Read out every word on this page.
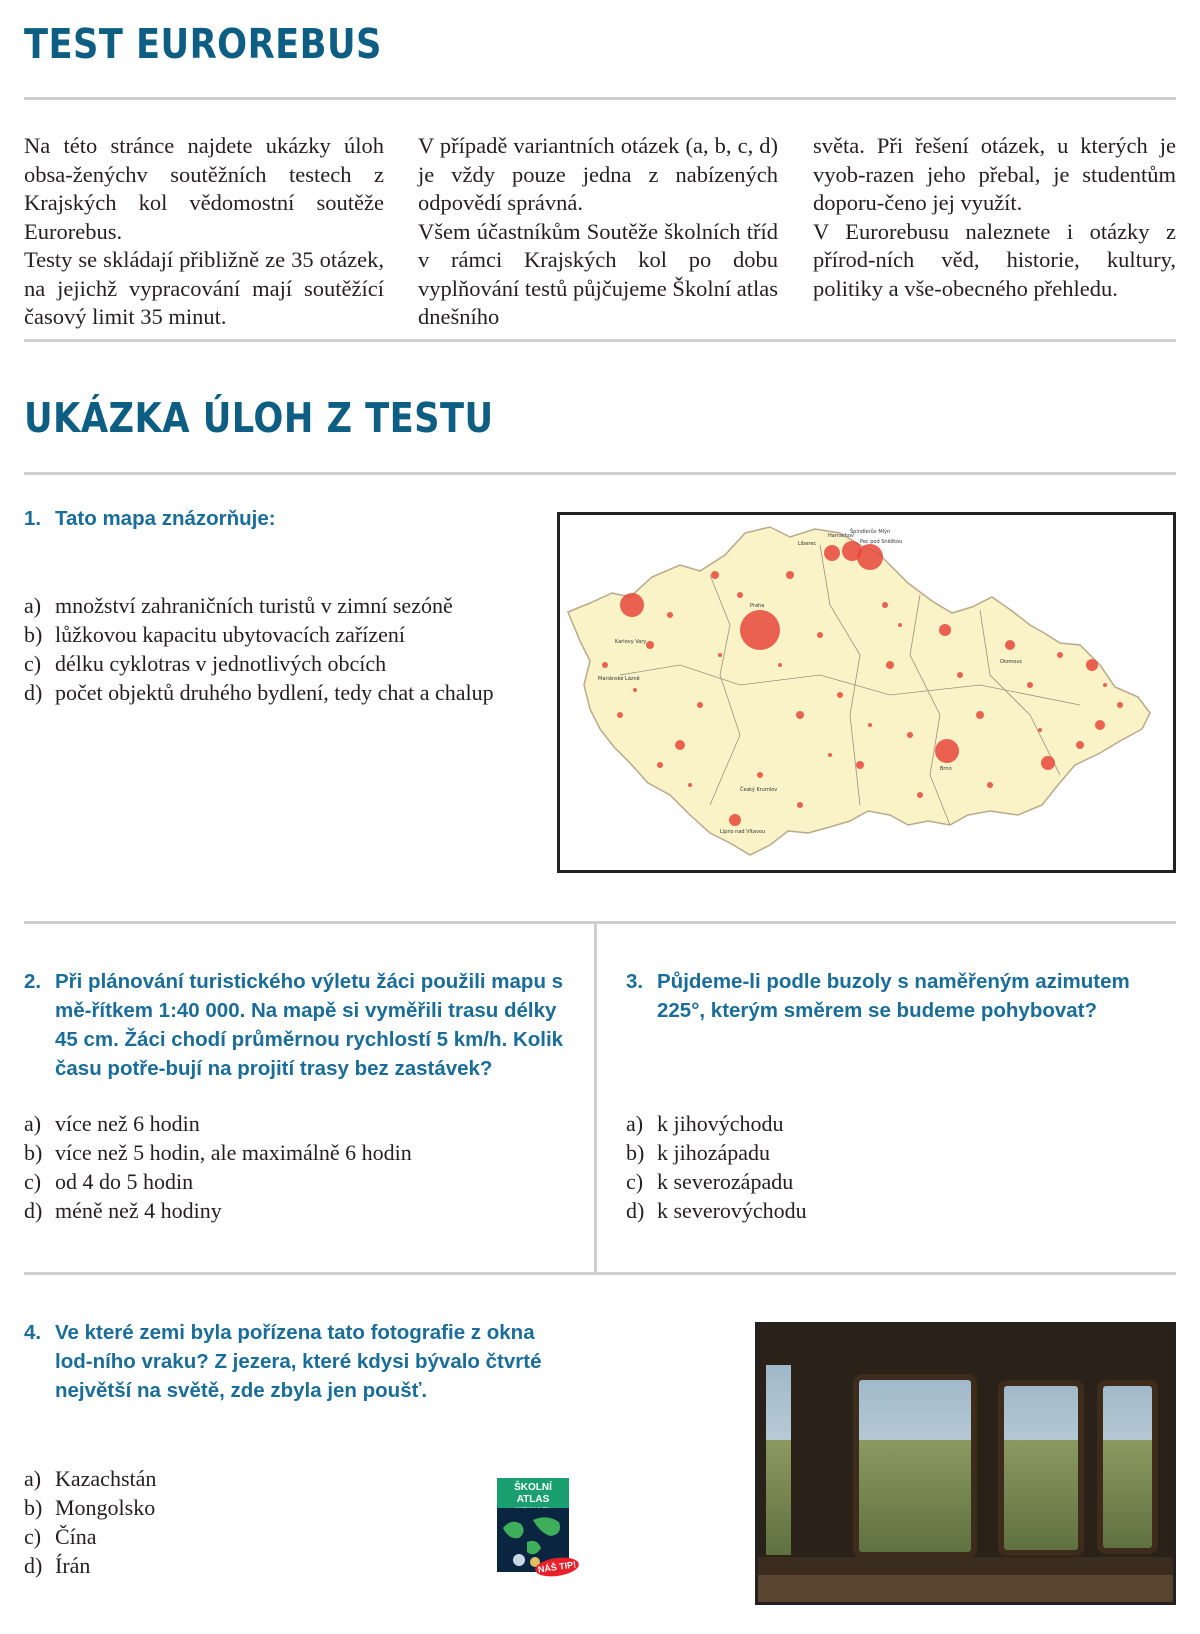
TEST EUROREBUS

Na této stránce najdete ukázky úloh obsa-ženýchv soutěžních testech z Krajských kol vědomostní soutěže Eurorebus.

Testy se skládají přibližně ze 35 otázek, na jejichž vypracování mají soutěžící časový limit 35 minut.

V případě variantních otázek (a, b, c, d) je vždy pouze jedna z nabízených odpovědí správná.

Všem účastníkům Soutěže školních tříd v rámci Krajských kol po dobu vyplňování testů půjčujeme Školní atlas dnešního

světa. Při řešení otázek, u kterých je vyob-razen jeho přebal, je studentům doporu-čeno jej využít.

V Eurorebusu naleznete i otázky z přírod-ních věd, historie, kultury, politiky a vše-obecného přehledu.

UKÁZKA ÚLOH Z TESTU
1. Tato mapa znázorňuje:
a) množství zahraničních turistů v zimní sezóně
b) lůžkovou kapacitu ubytovacích zařízení
c) délku cyklotras v jednotlivých obcích
d) počet objektů druhého bydlení, tedy chat a chalup
Harrachov
Špindlerův Mlýn
Pec pod Sněžkou
Liberec
Praha
Karlovy Vary
Mariánské Lázně
Olomouc
Brno
Český Krumlov
Lipno nad Vltavou
2. Při plánování turistického výletu žáci použili mapu s mě-řítkem 1:40 000. Na mapě si vyměřili trasu délky 45 cm. Žáci chodí průměrnou rychlostí 5 km/h. Kolik času potře-bují na projití trasy bez zastávek?
a) více než 6 hodin
b) více než 5 hodin, ale maximálně 6 hodin
c) od 4 do 5 hodin
d) méně než 4 hodiny
3. Půjdeme-li podle buzoly s naměřeným azimutem 225°, kterým směrem se budeme pohybovat?
a) k jihovýchodu
b) k jihozápadu
c) k severozápadu
d) k severovýchodu
4. Ve které zemi byla pořízena tato fotografie z okna lod-ního vraku? Z jezera, které kdysi bývalo čtvrté největší na světě, zde zbyla jen poušť.
a) Kazachstán
b) Mongolsko
c) Čína
d) Írán
ŠKOLNÍ ATLAS
NÁŠ TIP!
